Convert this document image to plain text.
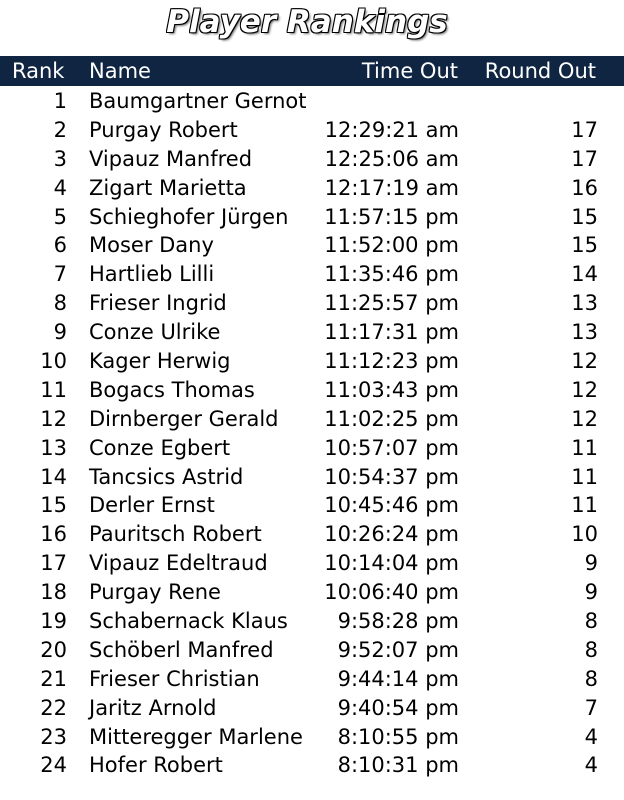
Player Rankings
Rank Name	Time Out Round Out
1 Baumgartner Gernot
2 Purgay Robert	12:29:21 am	17
3 Vipauz Manfred	12:25:06 am	17
4 Zigart Marietta	12:17:19 am	16
5 Schieghofer Jürgen 11:57:15 pm	15
6 Moser Dany	11:52:00 pm	15
7 Hartlieb Lilli	11:35:46 pm	14
8 Frieser Ingrid	11:25:57 pm	13
9 Conze Ulrike	11:17:31 pm	13
10 Kager Herwig	11:12:23 pm	12
11 Bogacs Thomas	11:03:43 pm	12
12 Dirnberger Gerald 11:02:25 pm	12
13 Conze Egbert	10:57:07 pm	11
14 Tancsics Astrid	10:54:37 pm	11
15 Derler Ernst	10:45:46 pm	11
16 Pauritsch Robert	10:26:24 pm	10
17 Vipauz Edeltraud	10:14:04 pm	9
18 Purgay Rene	10:06:40 pm	9
19 Schabernack Klaus 9:58:28 pm	8
20 Schöberl Manfred	9:52:07 pm	8
21 Frieser Christian	9:44:14 pm	8
22 Jaritz Arnold	9:40:54 pm	7
23 Mitteregger Marlene 8:10:55 pm	4
24 Hofer Robert	8:10:31 pm	4
